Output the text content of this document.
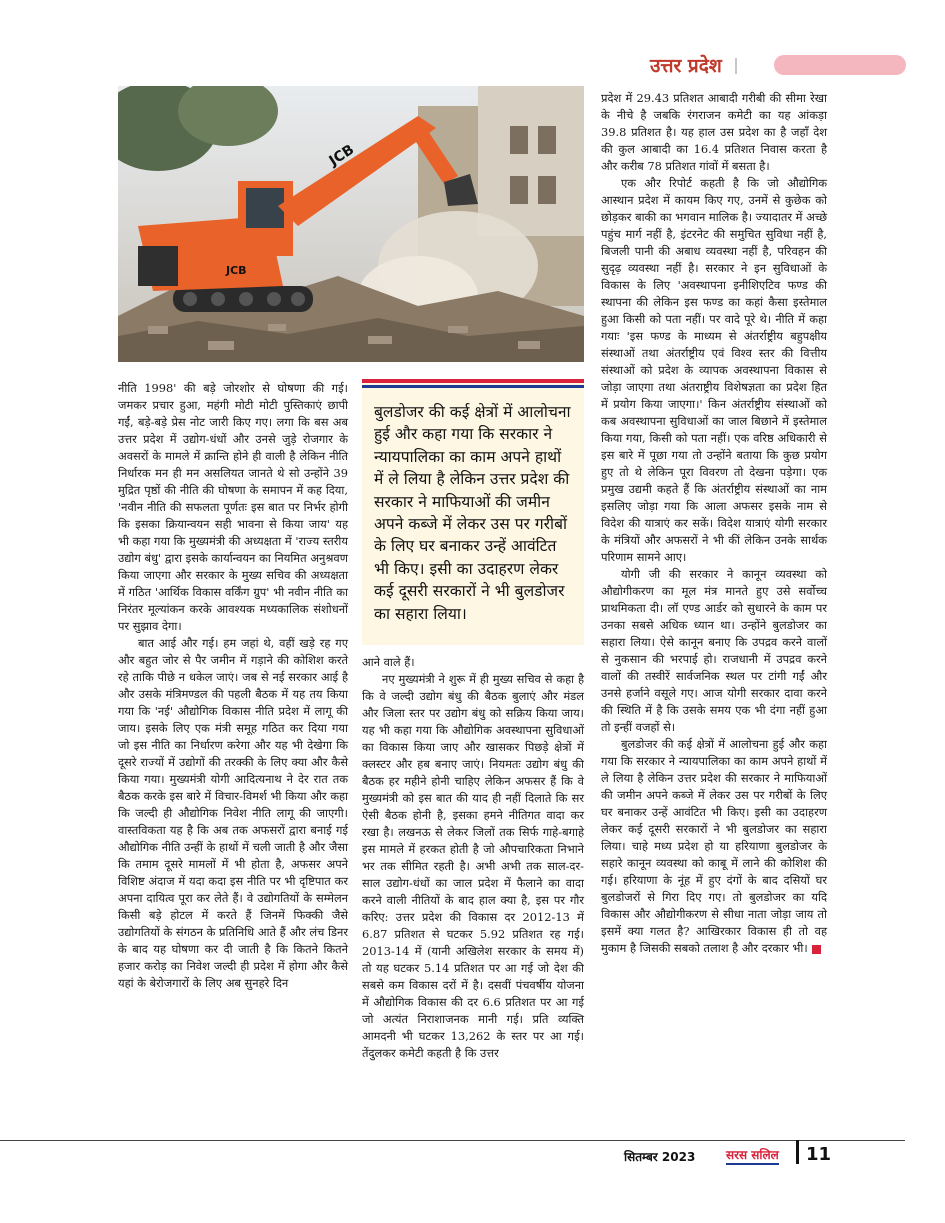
उत्तर प्रदेश
JCB
JCB
बुलडोजर की कई क्षेत्रों में आलोचना हुई और कहा गया कि सरकार ने न्यायपालिका का काम अपने हाथों में ले लिया है लेकिन उत्तर प्रदेश की सरकार ने माफियाओं की जमीन अपने कब्जे में लेकर उस पर गरीबों के लिए घर बनाकर उन्हें आवंटित भी किए। इसी का उदाहरण लेकर कई दूसरी सरकारों ने भी बुलडोजर का सहारा लिया।

नीति 1998' की बड़े जोरशोर से घोषणा की गई। जमकर प्रचार हुआ, महंगी मोटी मोटी पुस्तिकाएं छापी गईं, बड़े-बड़े प्रेस नोट जारी किए गए। लगा कि बस अब उत्तर प्रदेश में उद्योग-धंधों और उनसे जुड़े रोजगार के अवसरों के मामले में क्रान्ति होने ही वाली है लेकिन नीति निर्धारक मन ही मन असलियत जानते थे सो उन्होंने 39 मुद्रित पृष्ठों की नीति की घोषणा के समापन में कह दिया, 'नवीन नीति की सफलता पूर्णतः इस बात पर निर्भर होगी कि इसका क्रियान्वयन सही भावना से किया जाय' यह भी कहा गया कि मुख्यमंत्री की अध्यक्षता में 'राज्य स्तरीय उद्योग बंधु' द्वारा इसके कार्यान्वयन का नियमित अनुश्रवण किया जाएगा और सरकार के मुख्य सचिव की अध्यक्षता में गठित 'आर्थिक विकास वर्किंग ग्रुप' भी नवीन नीति का निरंतर मूल्यांकन करके आवश्यक मध्यकालिक संशोधनों पर सुझाव देगा।

बात आई और गई। हम जहां थे, वहीं खड़े रह गए और बहुत जोर से पैर जमीन में गड़ाने की कोशिश करते रहे ताकि पीछे न धकेल जाएं। जब से नई सरकार आई है और उसके मंत्रिमण्डल की पहली बैठक में यह तय किया गया कि 'नई' औद्योगिक विकास नीति प्रदेश में लागू की जाय। इसके लिए एक मंत्री समूह गठित कर दिया गया जो इस नीति का निर्धारण करेगा और यह भी देखेगा कि दूसरे राज्यों में उद्योगों की तरक्की के लिए क्या और कैसे किया गया। मुख्यमंत्री योगी आदित्यनाथ ने देर रात तक बैठक करके इस बारे में विचार-विमर्श भी किया और कहा कि जल्दी ही औद्योगिक निवेश नीति लागू की जाएगी। वास्तविकता यह है कि अब तक अफसरों द्वारा बनाई गई औद्योगिक नीति उन्हीं के हाथों में चली जाती है और जैसा कि तमाम दूसरे मामलों में भी होता है, अफसर अपने विशिष्ट अंदाज में यदा कदा इस नीति पर भी दृष्टिपात कर अपना दायित्व पूरा कर लेते हैं। वे उद्योगतियों के सम्मेलन किसी बड़े होटल में करते हैं जिनमें फिक्की जैसे उद्योगतियों के संगठन के प्रतिनिधि आते हैं और लंच डिनर के बाद यह घोषणा कर दी जाती है कि कितने कितने हजार करोड़ का निवेश जल्दी ही प्रदेश में होगा और कैसे यहां के बेरोजगारों के लिए अब सुनहरे दिन

आने वाले हैं।

नए मुख्यमंत्री ने शुरू में ही मुख्य सचिव से कहा है कि वे जल्दी उद्योग बंधु की बैठक बुलाएं और मंडल और जिला स्तर पर उद्योग बंधु को सक्रिय किया जाय। यह भी कहा गया कि औद्योगिक अवस्थापना सुविधाओं का विकास किया जाए और खासकर पिछड़े क्षेत्रों में क्लस्टर और हब बनाए जाएं। नियमतः उद्योग बंधु की बैठक हर महीने होनी चाहिए लेकिन अफसर हैं कि वे मुख्यमंत्री को इस बात की याद ही नहीं दिलाते कि सर ऐसी बैठक होनी है, इसका हमने नीतिगत वादा कर रखा है। लखनऊ से लेकर जिलों तक सिर्फ गाहे-बगाहे इस मामले में हरकत होती है जो औपचारिकता निभाने भर तक सीमित रहती है। अभी अभी तक साल-दर-साल उद्योग-धंधों का जाल प्रदेश में फैलाने का वादा करने वाली नीतियों के बाद हाल क्या है, इस पर गौर करिए: उत्तर प्रदेश की विकास दर 2012-13 में 6.87 प्रतिशत से घटकर 5.92 प्रतिशत रह गई। 2013-14 में (यानी अखिलेश सरकार के समय में) तो यह घटकर 5.14 प्रतिशत पर आ गई जो देश की सबसे कम विकास दरों में है। दसवीं पंचवर्षीय योजना में औद्योगिक विकास की दर 6.6 प्रतिशत पर आ गई जो अत्यंत निराशाजनक मानी गई। प्रति व्यक्ति आमदनी भी घटकर 13,262 के स्तर पर आ गई। तेंदुलकर कमेटी कहती है कि उत्तर

प्रदेश में 29.43 प्रतिशत आबादी गरीबी की सीमा रेखा के नीचे है जबकि रंगराजन कमेटी का यह आंकड़ा 39.8 प्रतिशत है। यह हाल उस प्रदेश का है जहाँ देश की कुल आबादी का 16.4 प्रतिशत निवास करता है और करीब 78 प्रतिशत गांवों में बसता है।

एक और रिपोर्ट कहती है कि जो औद्योगिक आस्थान प्रदेश में कायम किए गए, उनमें से कुछेक को छोड़कर बाकी का भगवान मालिक है। ज्यादातर में अच्छे पहुंच मार्ग नहीं है, इंटरनेट की समुचित सुविधा नहीं है, बिजली पानी की अबाध व्यवस्था नहीं है, परिवहन की सुदृढ़ व्यवस्था नहीं है। सरकार ने इन सुविधाओं के विकास के लिए 'अवस्थापना इनीशिएटिव फण्ड की स्थापना की लेकिन इस फण्ड का कहां कैसा इस्तेमाल हुआ किसी को पता नहीं। पर वादे पूरे थे। नीति में कहा गयाः 'इस फण्ड के माध्यम से अंतर्राष्ट्रीय बहुपक्षीय संस्थाओं तथा अंतर्राष्ट्रीय एवं विश्व स्तर की वित्तीय संस्थाओं को प्रदेश के व्यापक अवस्थापना विकास से जोड़ा जाएगा तथा अंतराष्ट्रीय विशेषज्ञता का प्रदेश हित में प्रयोग किया जाएगा।' किन अंतर्राष्ट्रीय संस्थाओं को कब अवस्थापना सुविधाओं का जाल बिछाने में इस्तेमाल किया गया, किसी को पता नहीं। एक वरिष्ठ अधिकारी से इस बारे में पूछा गया तो उन्होंने बताया कि कुछ प्रयोग हुए तो थे लेकिन पूरा विवरण तो देखना पड़ेगा। एक प्रमुख उद्यमी कहते हैं कि अंतर्राष्ट्रीय संस्थाओं का नाम इसलिए जोड़ा गया कि आला अफसर इसके नाम से विदेश की यात्राएं कर सकें। विदेश यात्राएं योगी सरकार के मंत्रियों और अफसरों ने भी कीं लेकिन उनके सार्थक परिणाम सामने आए।

योगी जी की सरकार ने कानून व्यवस्था को औद्योगीकरण का मूल मंत्र मानते हुए उसे सर्वोच्च प्राथमिकता दी। लॉ एण्ड आर्डर को सुधारने के काम पर उनका सबसे अधिक ध्यान था। उन्होंने बुलडोजर का सहारा लिया। ऐसे कानून बनाए कि उपद्रव करने वालों से नुकसान की भरपाई हो। राजधानी में उपद्रव करने वालों की तस्वीरें सार्वजनिक स्थल पर टांगी गईं और उनसे हर्जाने वसूले गए। आज योगी सरकार दावा करने की स्थिति में है कि उसके समय एक भी दंगा नहीं हुआ तो इन्हीं वजहों से।

बुलडोजर की कई क्षेत्रों में आलोचना हुई और कहा गया कि सरकार ने न्यायपालिका का काम अपने हाथों में ले लिया है लेकिन उत्तर प्रदेश की सरकार ने माफियाओं की जमीन अपने कब्जे में लेकर उस पर गरीबों के लिए घर बनाकर उन्हें आवंटित भी किए। इसी का उदाहरण लेकर कई दूसरी सरकारों ने भी बुलडोजर का सहारा लिया। चाहे मध्य प्रदेश हो या हरियाणा बुलडोजर के सहारे कानून व्यवस्था को काबू में लाने की कोशिश की गई। हरियाणा के नूंह में हुए दंगों के बाद दसियों घर बुलडोजरों से गिरा दिए गए। तो बुलडोजर का यदि विकास और औद्योगीकरण से सीधा नाता जोड़ा जाय तो इसमें क्या गलत है? आखिरकार विकास ही तो वह मुकाम है जिसकी सबको तलाश है और दरकार भी।

सितम्बर 2023	सरस सलिल 11
